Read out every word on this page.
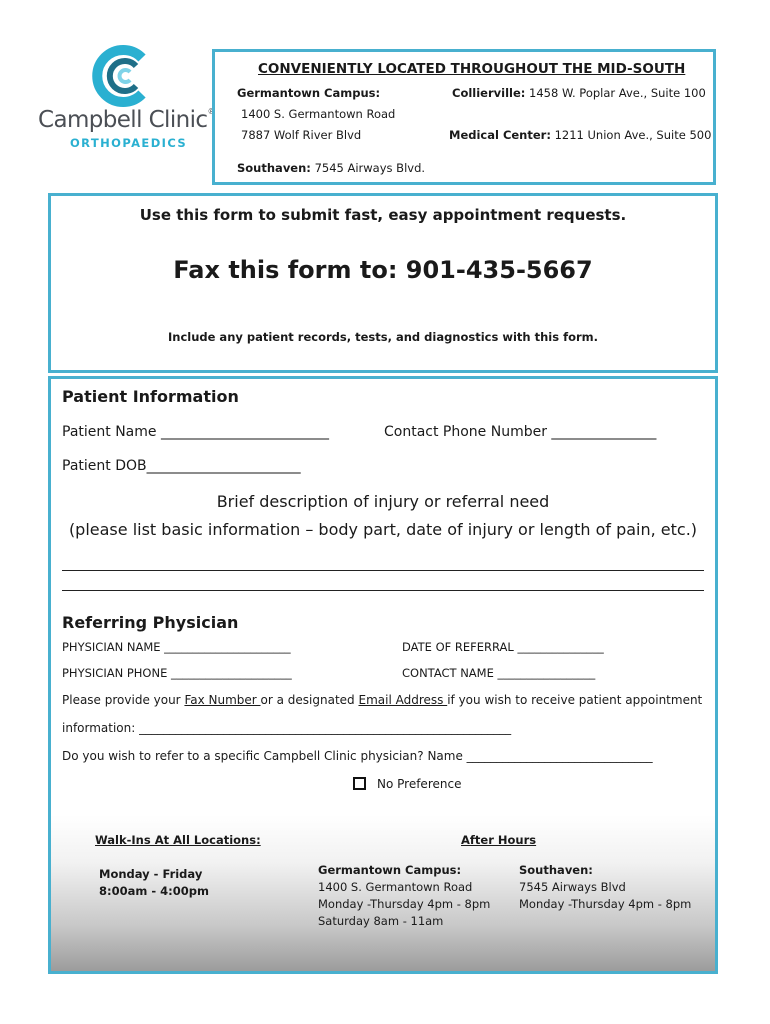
Campbell Clinic®
ORTHOPAEDICS
CONVENIENTLY LOCATED THROUGHOUT THE MID-SOUTH
Germantown Campus:
1400 S. Germantown Road
7887 Wolf River Blvd
Collierville: 1458 W. Poplar Ave., Suite 100
Medical Center: 1211 Union Ave., Suite 500
Southaven: 7545 Airways Blvd.
Use this form to submit fast, easy appointment requests.
Fax this form to: 901-435-5667
Include any patient records, tests, and diagnostics with this form.
Patient Information
Patient Name ________________________	Contact Phone Number _______________
Patient DOB______________________
Brief description of injury or referral need
(please list basic information – body part, date of injury or length of pain, etc.)
Referring Physician
PHYSICIAN NAME ______________________	DATE OF REFERRAL _______________
PHYSICIAN PHONE _____________________	CONTACT NAME _________________
Please provide your Fax Number or a designated Email Address if you wish to receive patient appointment
information: ______________________________________________________________
Do you wish to refer to a specific Campbell Clinic physician? Name _______________________________
No Preference
Walk-Ins At All Locations:
Monday - Friday
8:00am - 4:00pm
After Hours
Germantown Campus:
1400 S. Germantown Road
Monday -Thursday 4pm - 8pm
Saturday 8am - 11am
Southaven:
7545 Airways Blvd
Monday -Thursday 4pm - 8pm
